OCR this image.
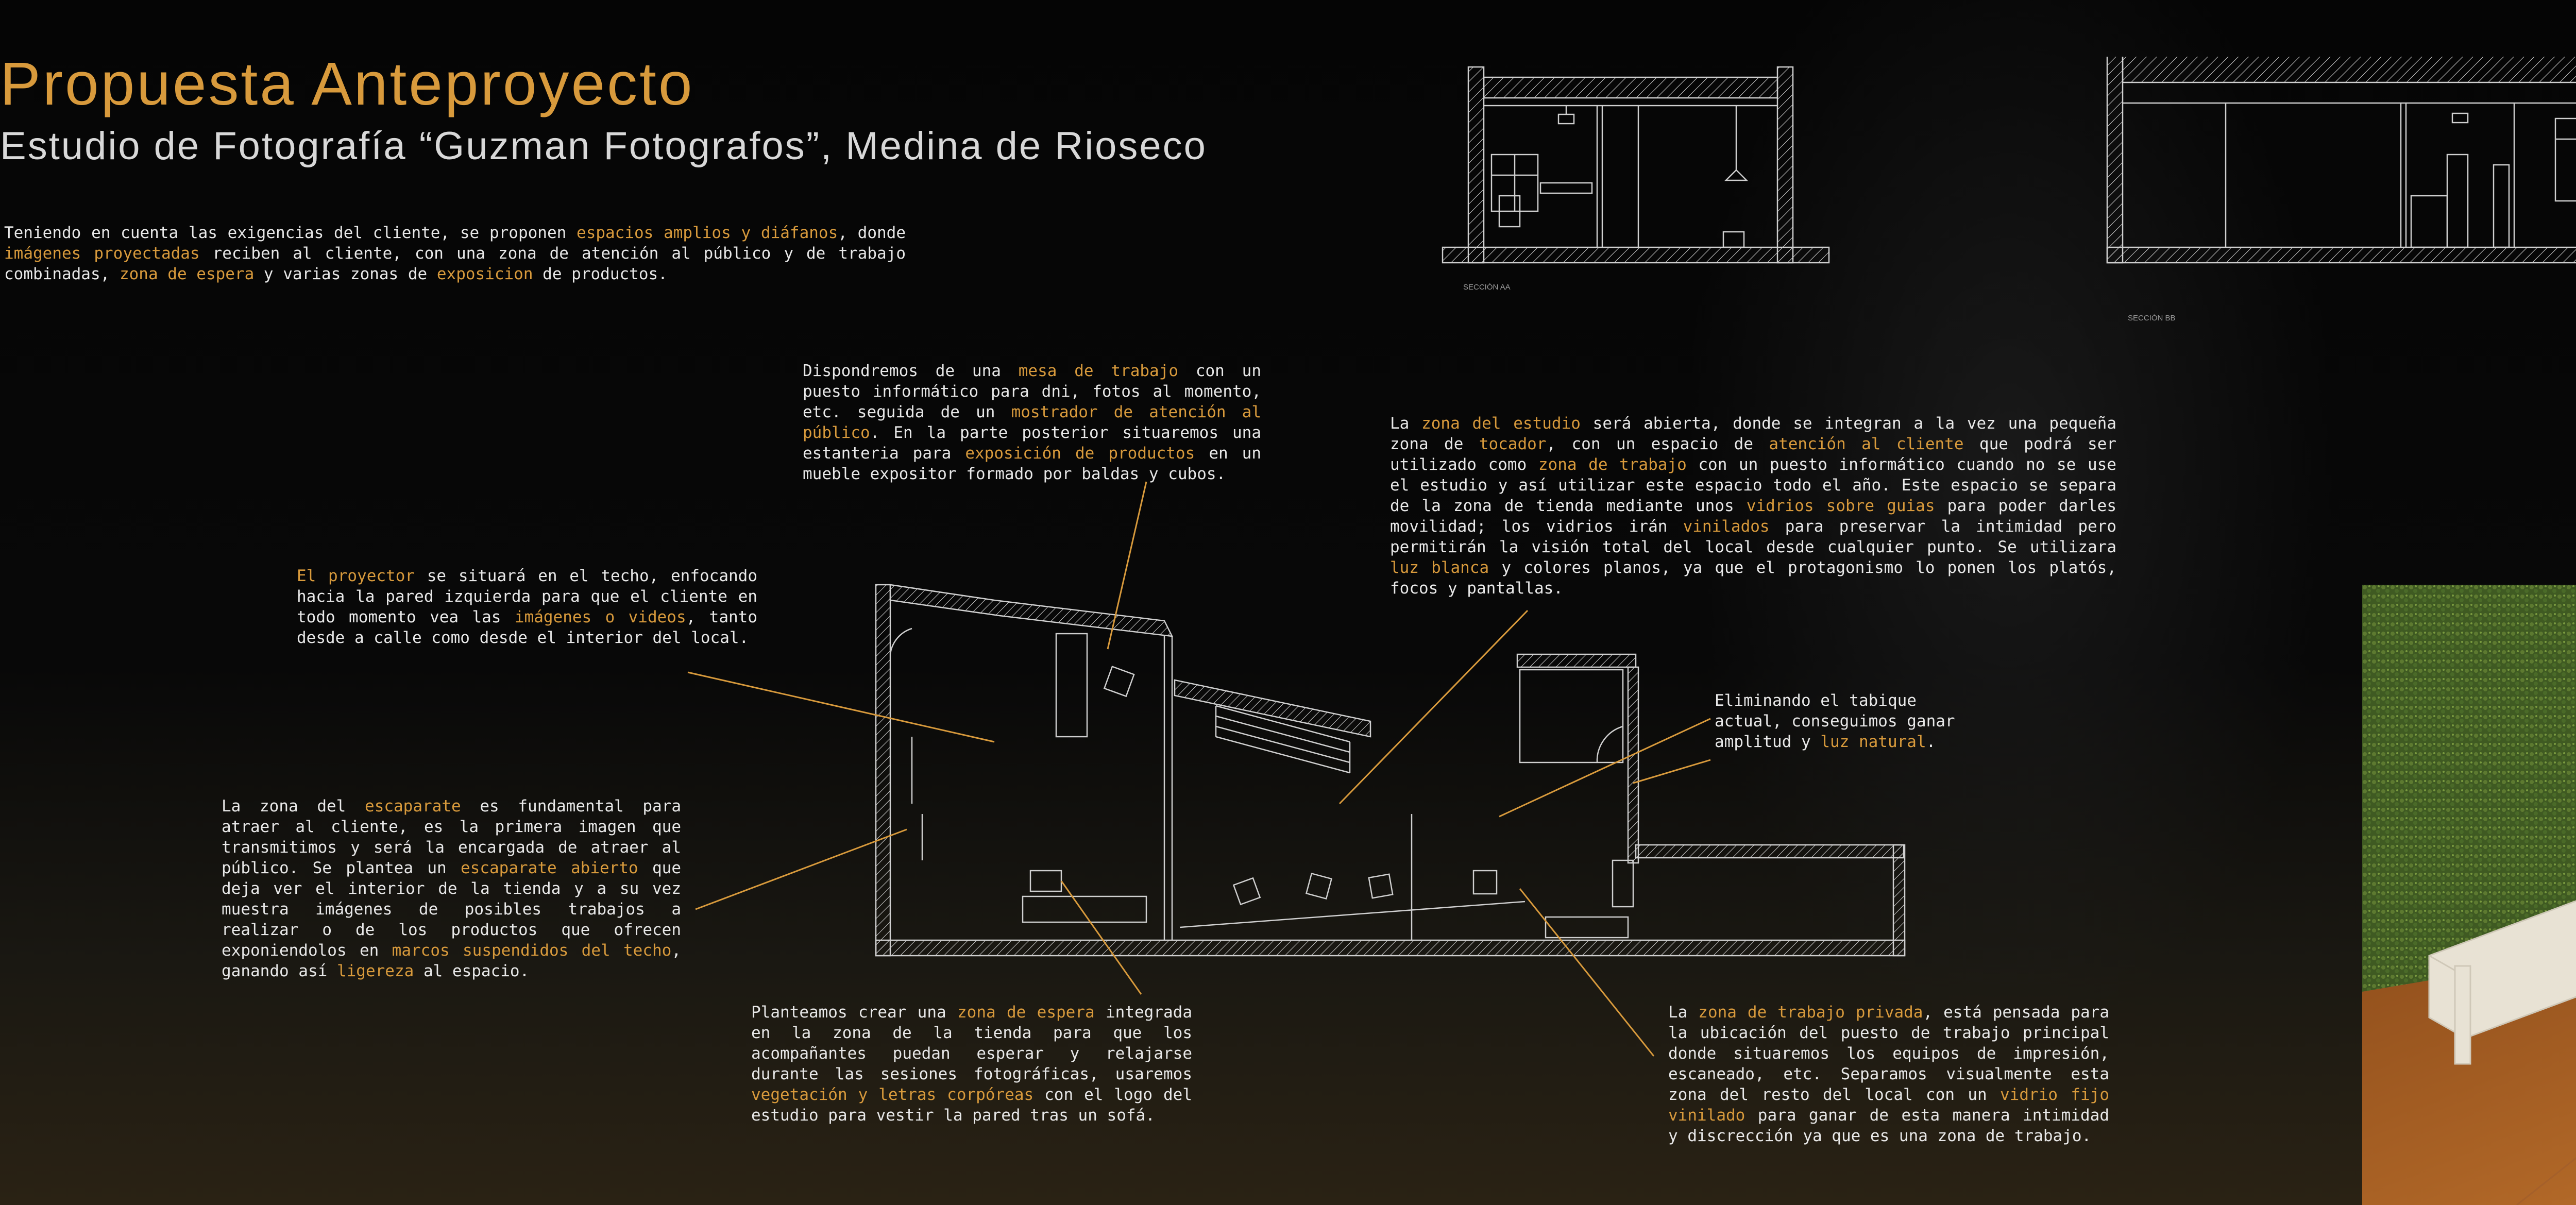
Propuesta Anteproyecto
Estudio de Fotografía “Guzman Fotografos”, Medina de Rioseco
Teniendo en cuenta las exigencias del cliente, se proponen espacios amplios y diáfanos, donde imágenes proyectadas reciben al cliente, con una zona de atención al público y de trabajo combinadas, zona de espera y varias zonas de exposicion de productos.
Dispondremos de una mesa de trabajo con un puesto informático para dni, fotos al momento, etc. seguida de un mostrador de atención al público. En la parte posterior situaremos una estanteria para exposición de productos en un mueble expositor formado por baldas y cubos.
La zona del estudio será abierta, donde se integran a la vez una pequeña zona de tocador, con un espacio de atención al cliente que podrá ser utilizado como zona de trabajo con un puesto informático cuando no se use el estudio y así utilizar este espacio todo el año. Este espacio se separa de la zona de tienda mediante unos vidrios sobre guias para poder darles movilidad; los vidrios irán vinilados para preservar la intimidad pero permitirán la visión total del local desde cualquier punto. Se utilizara luz blanca y colores planos, ya que el protagonismo lo ponen los platós, focos y pantallas.
El proyector se situará en el techo, enfocando hacia la pared izquierda para que el cliente en todo momento vea las imágenes o videos, tanto desde a calle como desde el interior del local.
Eliminando el tabique actual, conseguimos ganar amplitud y luz natural.
La zona del escaparate es fundamental para atraer al cliente, es la primera imagen que transmitimos y será la encargada de atraer al público. Se plantea un escaparate abierto que deja ver el interior de la tienda y a su vez muestra imágenes de posibles trabajos a realizar o de los productos que ofrecen exponiendolos en marcos suspendidos del techo, ganando así ligereza al espacio.
Planteamos crear una zona de espera integrada en la zona de la tienda para que los acompañantes puedan esperar y relajarse durante las sesiones fotográficas, usaremos vegetación y letras corpóreas con el logo del estudio para vestir la pared tras un sofá.
La zona de trabajo privada, está pensada para la ubicación del puesto de trabajo principal donde situaremos los equipos de impresión, escaneado, etc. Separamos visualmente esta zona del resto del local con un vidrio fijo vinilado para ganar de esta manera intimidad y discrección ya que es una zona de trabajo.
SECCIÓN AA
SECCIÓN BB
